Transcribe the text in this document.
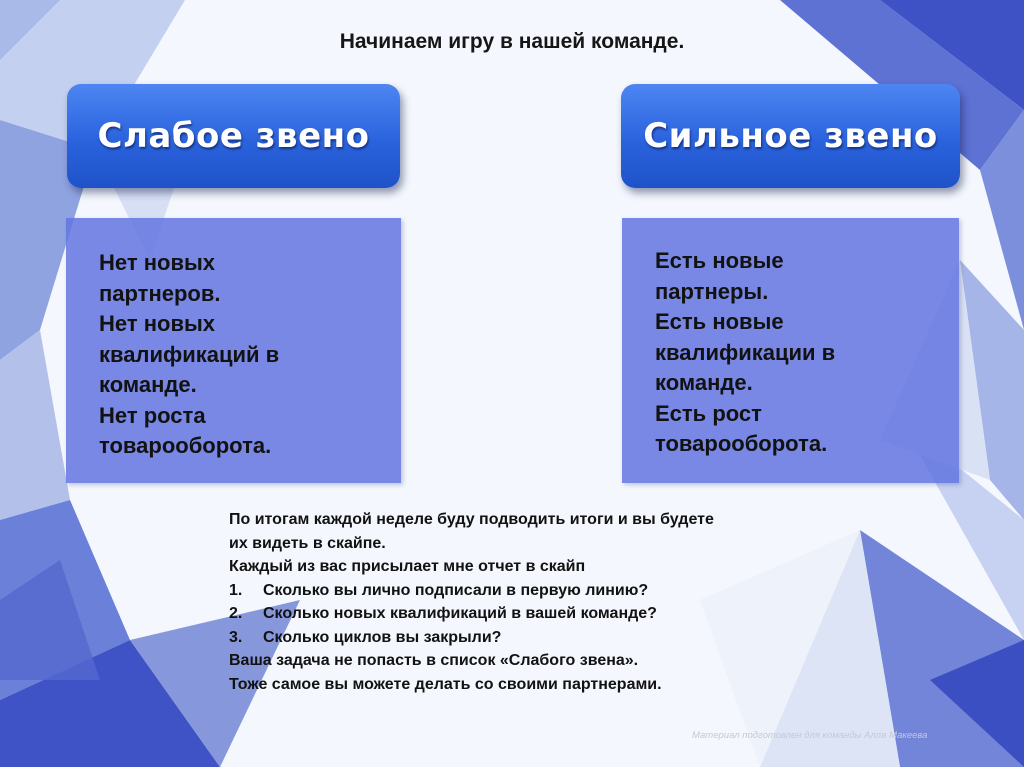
Начинаем игру в нашей команде.
Слабое звено	Сильное звено
Нет новых
партнеров.
Нет новых
квалификаций в
команде.
Нет роста
товарооборота.
Есть новые
партнеры.
Есть новые
квалификации в
команде.
Есть рост
товарооборота.
По итогам каждой неделе буду подводить итоги и вы будете
их видеть в скайпе.
Каждый из вас присылает мне отчет в скайп
1. Сколько вы лично подписали в первую линию?
2. Сколько новых квалификаций в вашей команде?
3. Сколько циклов вы закрыли?
Ваша задача не попасть в список «Слабого звена».
Тоже самое вы можете делать со своими партнерами.
Материал подготовлен для команды Алла Макеева
